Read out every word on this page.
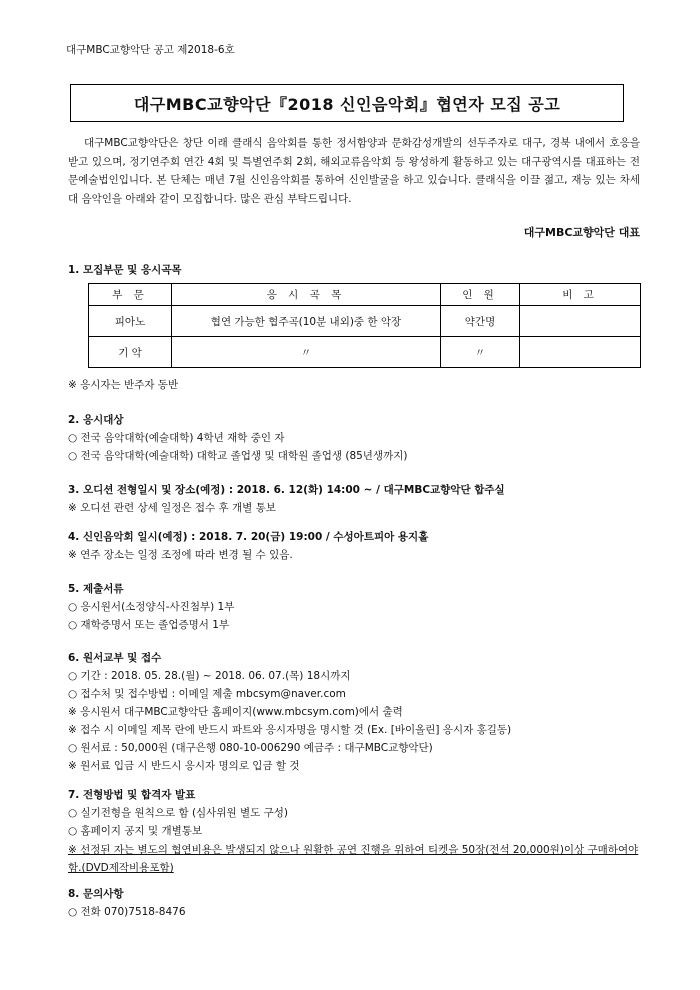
대구MBC교향악단 공고 제2018-6호
대구MBC교향악단『2018 신인음악회』협연자 모집 공고
대구MBC교향악단은 창단 이래 클래식 음악회를 통한 정서함양과 문화감성개발의 선두주자로 대구, 경북 내에서 호응을 받고 있으며, 정기연주회 연간 4회 및 특별연주회 2회, 해외교류음악회 등 왕성하게 활동하고 있는 대구광역시를 대표하는 전문예술법인입니다. 본 단체는 매년 7월 신인음악회를 통하여 신인발굴을 하고 있습니다. 클래식을 이끌 젊고, 재능 있는 차세대 음악인을 아래와 같이 모집합니다. 많은 관심 부탁드립니다.
대구MBC교향악단 대표
1. 모집부문 및 응시곡목
부 문	응 시 곡 목	인 원	비 고
피아노	협연 가능한 협주곡(10분 내외)중 한 악장	약간명	
기 악	〃	〃	
※ 응시자는 반주자 동반
2. 응시대상
○ 전국 음악대학(예술대학) 4학년 재학 중인 자
○ 전국 음악대학(예술대학) 대학교 졸업생 및 대학원 졸업생 (85년생까지)
3. 오디션 전형일시 및 장소(예정) : 2018. 6. 12(화) 14:00 ~ / 대구MBC교향악단 합주실
※ 오디션 관련 상세 일정은 접수 후 개별 통보
4. 신인음악회 일시(예정) : 2018. 7. 20(금) 19:00 / 수성아트피아 용지홀
※ 연주 장소는 일정 조정에 따라 변경 될 수 있음.
5. 제출서류
○ 응시원서(소정양식-사진첨부) 1부
○ 재학증명서 또는 졸업증명서 1부
6. 원서교부 및 접수
○ 기간 : 2018. 05. 28.(월) ~ 2018. 06. 07.(목) 18시까지
○ 접수처 및 접수방법 : 이메일 제출 mbcsym@naver.com
※ 응시원서 대구MBC교향악단 홈페이지(www.mbcsym.com)에서 출력
※ 접수 시 이메일 제목 란에 반드시 파트와 응시자명을 명시할 것 (Ex. [바이올린] 응시자 홍길동)
○ 원서료 : 50,000원 (대구은행 080-10-006290 예금주 : 대구MBC교향악단)
※ 원서료 입금 시 반드시 응시자 명의로 입금 할 것
7. 전형방법 및 합격자 발표
○ 실기전형을 원칙으로 함 (심사위원 별도 구성)
○ 홈페이지 공지 및 개별통보
※ 선정된 자는 별도의 협연비용은 발생되지 않으나 원활한 공연 진행을 위하여 티켓을 50장(전석 20,000원)이상 구매하여야 함.(DVD제작비용포함)
8. 문의사항
○ 전화 070)7518-8476
